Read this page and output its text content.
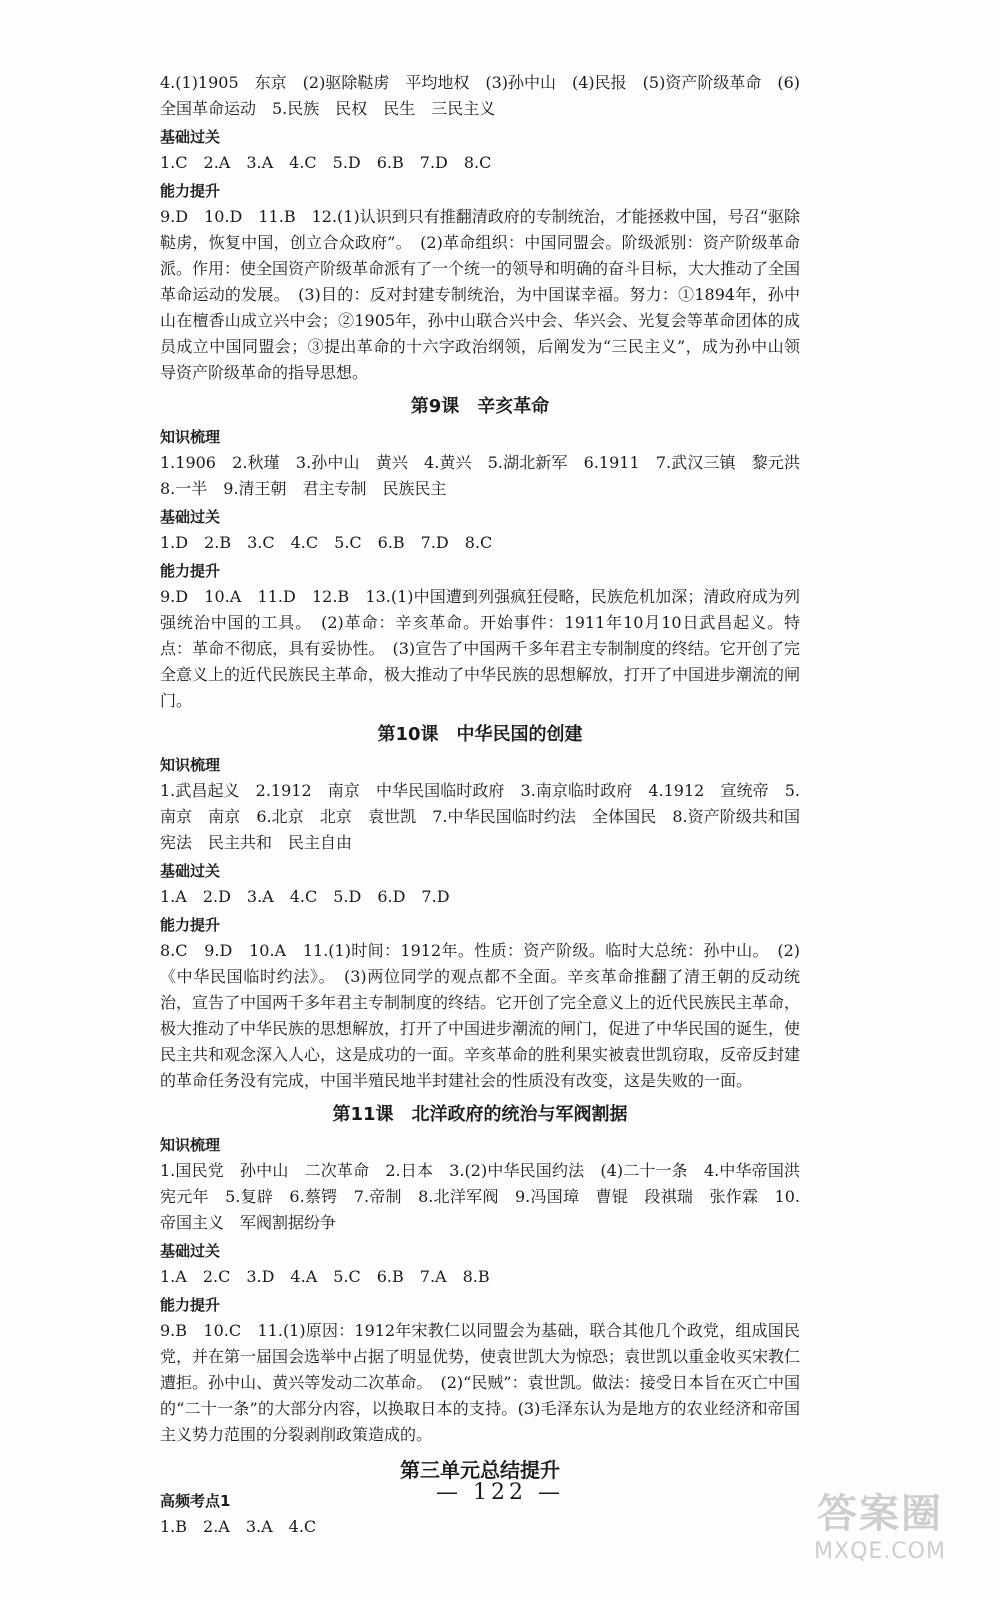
4.(1)1905　东京　(2)驱除鞑虏　平均地权　(3)孙中山　(4)民报　(5)资产阶级革命　(6)全国革命运动　5.民族　民权　民生　三民主义

基础过关

1.C　2.A　3.A　4.C　5.D　6.B　7.D　8.C

能力提升

9.D　10.D　11.B　12.(1)认识到只有推翻清政府的专制统治，才能拯救中国，号召“驱除鞑虏，恢复中国，创立合众政府”。　(2)革命组织：中国同盟会。阶级派别：资产阶级革命派。作用：使全国资产阶级革命派有了一个统一的领导和明确的奋斗目标，大大推动了全国革命运动的发展。　(3)目的：反对封建专制统治，为中国谋幸福。努力：①1894年，孙中山在檀香山成立兴中会；②1905年，孙中山联合兴中会、华兴会、光复会等革命团体的成员成立中国同盟会；③提出革命的十六字政治纲领，后阐发为“三民主义”，成为孙中山领导资产阶级革命的指导思想。

第9课　辛亥革命
知识梳理

1.1906　2.秋瑾　3.孙中山　黄兴　4.黄兴　5.湖北新军　6.1911　7.武汉三镇　黎元洪　8.一半　9.清王朝　君主专制　民族民主

基础过关

1.D　2.B　3.C　4.C　5.C　6.B　7.D　8.C

能力提升

9.D　10.A　11.D　12.B　13.(1)中国遭到列强疯狂侵略，民族危机加深；清政府成为列强统治中国的工具。　(2)革命：辛亥革命。开始事件：1911年10月10日武昌起义。特点：革命不彻底，具有妥协性。　(3)宣告了中国两千多年君主专制制度的终结。它开创了完全意义上的近代民族民主革命，极大推动了中华民族的思想解放，打开了中国进步潮流的闸门。

第10课　中华民国的创建
知识梳理

1.武昌起义　2.1912　南京　中华民国临时政府　3.南京临时政府　4.1912　宣统帝　5.南京　南京　6.北京　北京　袁世凯　7.中华民国临时约法　全体国民　8.资产阶级共和国宪法　民主共和　民主自由

基础过关

1.A　2.D　3.A　4.C　5.D　6.D　7.D

能力提升

8.C　9.D　10.A　11.(1)时间：1912年。性质：资产阶级。临时大总统：孙中山。　(2)《中华民国临时约法》。　(3)两位同学的观点都不全面。辛亥革命推翻了清王朝的反动统治，宣告了中国两千多年君主专制制度的终结。它开创了完全意义上的近代民族民主革命，极大推动了中华民族的思想解放，打开了中国进步潮流的闸门，促进了中华民国的诞生，使民主共和观念深入人心，这是成功的一面。辛亥革命的胜利果实被袁世凯窃取，反帝反封建的革命任务没有完成，中国半殖民地半封建社会的性质没有改变，这是失败的一面。

第11课　北洋政府的统治与军阀割据
知识梳理

1.国民党　孙中山　二次革命　2.日本　3.(2)中华民国约法　(4)二十一条　4.中华帝国洪宪元年　5.复辟　6.蔡锷　7.帝制　8.北洋军阀　9.冯国璋　曹锟　段祺瑞　张作霖　10.帝国主义　军阀割据纷争

基础过关

1.A　2.C　3.D　4.A　5.C　6.B　7.A　8.B

能力提升

9.B　10.C　11.(1)原因：1912年宋教仁以同盟会为基础，联合其他几个政党，组成国民党，并在第一届国会选举中占据了明显优势，使袁世凯大为惊恐；袁世凯以重金收买宋教仁遭拒。孙中山、黄兴等发动二次革命。　(2)“民贼”：袁世凯。做法：接受日本旨在灭亡中国的“二十一条”的大部分内容，以换取日本的支持。(3)毛泽东认为是地方的农业经济和帝国主义势力范围的分裂剥削政策造成的。

第三单元总结提升
高频考点1

1.B　2.A　3.A　4.C

— 122 —	答案圈
MXQE.COM
